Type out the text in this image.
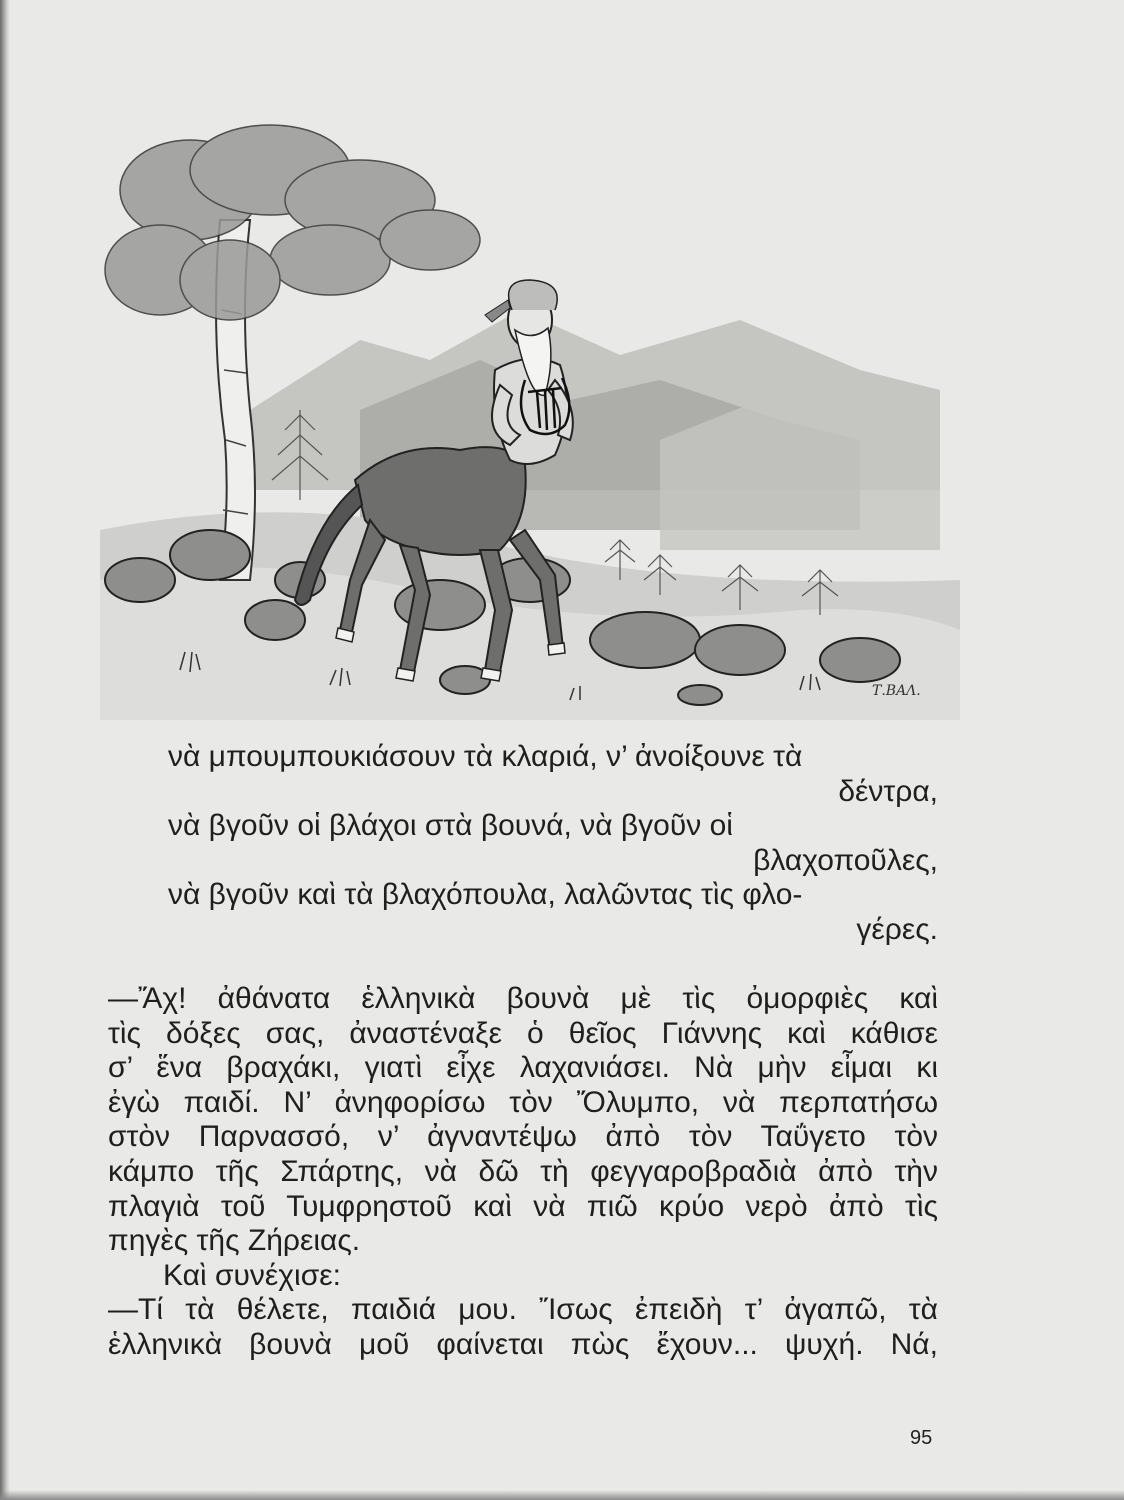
Τ.ΒΑΛ.
νὰ μπουμπουκιάσουν τὰ κλαριά, ν’ ἀνοίξουνε τὰ
δέντρα,
νὰ βγοῦν οἱ βλάχοι στὰ βουνά, νὰ βγοῦν οἱ
βλαχοποῦλες,
νὰ βγοῦν καὶ τὰ βλαχόπουλα, λαλῶντας τὶς φλο-
γέρες.
—Ἄχ! ἀθάνατα ἑλληνικὰ βουνὰ μὲ τὶς ὀμορφιὲς καὶ
τὶς δόξες σας, ἀναστέναξε ὁ θεῖος Γιάννης καὶ κάθισε
σ’ ἕνα βραχάκι, γιατὶ εἶχε λαχανιάσει. Νὰ μὴν εἶμαι κι
ἐγὼ παιδί. Ν’ ἀνηφορίσω τὸν Ὄλυμπο, νὰ περπατήσω
στὸν Παρνασσό, ν’ ἀγναντέψω ἀπὸ τὸν Ταΰγετο τὸν
κάμπο τῆς Σπάρτης, νὰ δῶ τὴ φεγγαροβραδιὰ ἀπὸ τὴν
πλαγιὰ τοῦ Τυμφρηστοῦ καὶ νὰ πιῶ κρύο νερὸ ἀπὸ τὶς
πηγὲς τῆς Ζήρειας.
Καὶ συνέχισε:
—Τί τὰ θέλετε, παιδιά μου. Ἴσως ἐπειδὴ τ’ ἀγαπῶ, τὰ
ἑλληνικὰ βουνὰ μοῦ φαίνεται πὼς ἔχουν... ψυχή. Νά,
95
